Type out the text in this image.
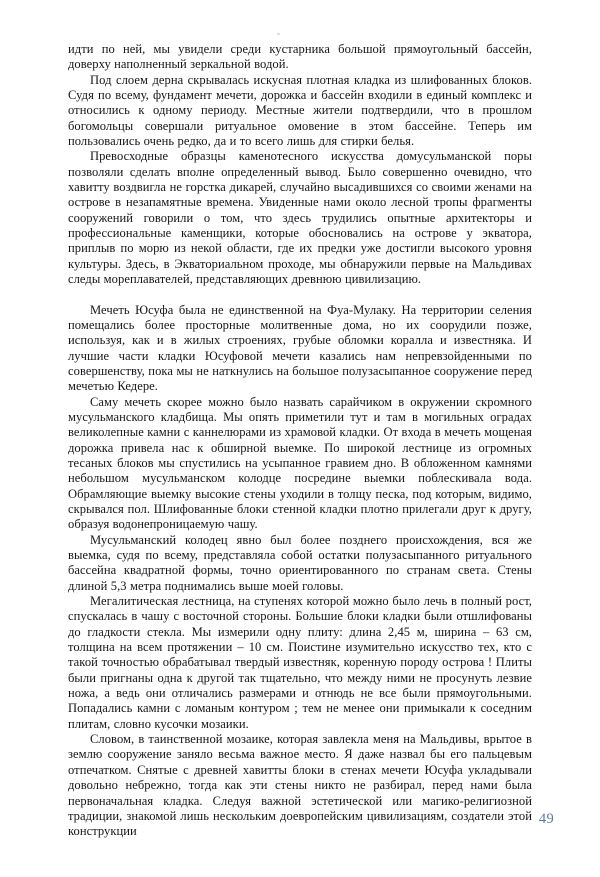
идти по ней, мы увидели среди кустарника большой прямоугольный бассейн, доверху наполненный зеркальной водой.

Под слоем дерна скрывалась искусная плотная кладка из шлифованных блоков. Судя по всему, фундамент мечети, дорожка и бассейн входили в единый комплекс и относились к одному периоду. Местные жители подтвердили, что в прошлом богомольцы совершали ритуальное омовение в этом бассейне. Теперь им пользовались очень редко, да и то всего лишь для стирки белья.

Превосходные образцы каменотесного искусства домусульманской поры позволяли сделать вполне определенный вывод. Было совершенно очевидно, что хавитту воздвигла не горстка дикарей, случайно высадившихся со своими женами на острове в незапамятные времена. Увиденные нами около лесной тропы фрагменты сооружений говорили о том, что здесь трудились опытные архитекторы и профессиональные каменщики, которые обосновались на острове у экватора, приплыв по морю из некой области, где их предки уже достигли высокого уровня культуры. Здесь, в Экваториальном проходе, мы обнаружили первые на Мальдивах следы мореплавателей, представляющих древнюю цивилизацию.

Мечеть Юсуфа была не единственной на Фуа-Мулаку. На территории селения помещались более просторные молитвенные дома, но их соорудили позже, используя, как и в жилых строениях, грубые обломки коралла и известняка. И лучшие части кладки Юсуфовой мечети казались нам непревзойденными по совершенству, пока мы не наткнулись на большое полузасыпанное сооружение перед мечетью Кедере.

Саму мечеть скорее можно было назвать сарайчиком в окружении скромного мусульманского кладбища. Мы опять приметили тут и там в могильных оградах великолепные камни с каннелюрами из храмовой кладки. От входа в мечеть мощеная дорожка привела нас к обширной выемке. По широкой лестнице из огромных тесаных блоков мы спустились на усыпанное гравием дно. В обложенном камнями небольшом мусульманском колодце посредине выемки поблескивала вода. Обрамляющие выемку высокие стены уходили в толщу песка, под которым, видимо, скрывался пол. Шлифованные блоки стенной кладки плотно прилегали друг к другу, образуя водонепроницаемую чашу.

Мусульманский колодец явно был более позднего происхождения, вся же выемка, судя по всему, представляла собой остатки полузасыпанного ритуального бассейна квадратной формы, точно ориентированного по странам света. Стены длиной 5,3 метра поднимались выше моей головы.

Мегалитическая лестница, на ступенях которой можно было лечь в полный рост, спускалась в чашу с восточной стороны. Большие блоки кладки были отшлифованы до гладкости стекла. Мы измерили одну плиту: длина 2,45 м, ширина – 63 см, толщина на всем протяжении – 10 см. Поистине изумительно искусство тех, кто с такой точностью обрабатывал твердый известняк, коренную породу острова ! Плиты были пригнаны одна к другой так тщательно, что между ними не просунуть лезвие ножа, а ведь они отличались размерами и отнюдь не все были прямоугольными. Попадались камни с ломаным контуром ; тем не менее они примыкали к соседним плитам, словно кусочки мозаики.

Словом, в таинственной мозаике, которая завлекла меня на Мальдивы, врытое в землю сооружение заняло весьма важное место. Я даже назвал бы его пальцевым отпечатком. Снятые с древней хавитты блоки в стенах мечети Юсуфа укладывали довольно небрежно, тогда как эти стены никто не разбирал, перед нами была первоначальная кладка. Следуя важной эстетической или магико-религиозной традиции, знакомой лишь нескольким доевропейским цивилизациям, создатели этой конструкции

49
